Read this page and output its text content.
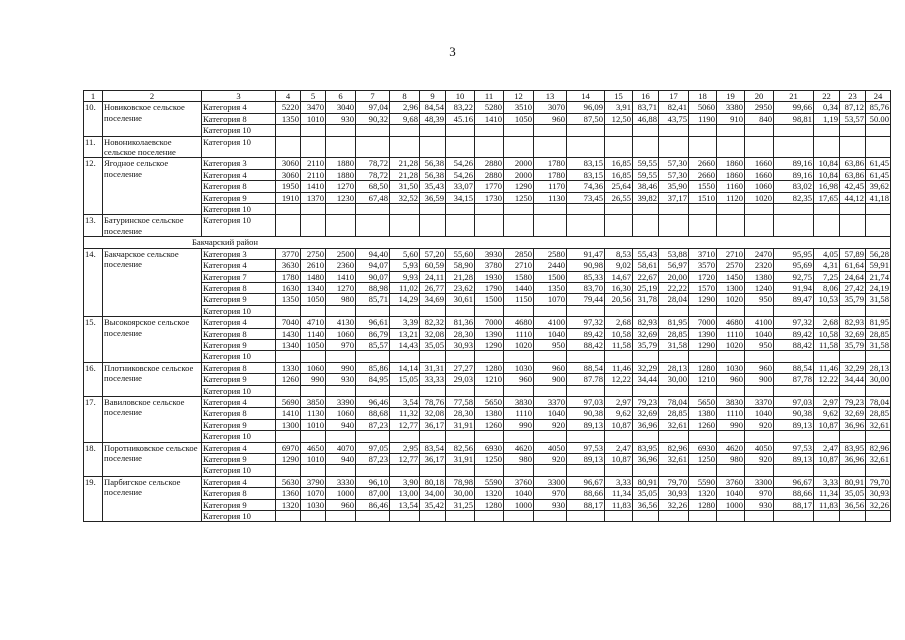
3
1	2	3	4	5	6	7	8	9	10	11	12	13	14	15	16	17	18	19	20	21	22	23	24
10.	Новиковское сельское поселение	Категория 4	5220	3470	3040	97,04	2,96	84,54	83,22	5280	3510	3070	96,09	3,91	83,71	82,41	5060	3380	2950	99,66	0,34	87,12	85,76
		Категория 8	1350	1010	930	90,32	9,68	48,39	45.16	1410	1050	960	87,50	12,50	46,88	43,75	1190	910	840	98,81	1,19	53,57	50.00
		Категория 10																					
11.	Новониколаевское сельское поселение	Категория 10																					

12.	Ягодное сельское поселение	Категория 3	3060	2110	1880	78,72	21,28	56,38	54,26	2880	2000	1780	83,15	16,85	59,55	57,30	2660	1860	1660	89,16	10,84	63,86	61,45
		Категория 4	3060	2110	1880	78,72	21,28	56,38	54,26	2880	2000	1780	83,15	16,85	59,55	57,30	2660	1860	1660	89,16	10,84	63,86	61,45
		Категория 8	1950	1410	1270	68,50	31,50	35,43	33,07	1770	1290	1170	74,36	25,64	38,46	35,90	1550	1160	1060	83,02	16,98	42,45	39,62
		Категория 9	1910	1370	1230	67,48	32,52	36,59	34,15	1730	1250	1130	73,45	26,55	39,82	37,17	1510	1120	1020	82,35	17,65	44,12	41,18
		Категория 10																					
13.	Батуринское сельское поселение	Категория 10																					

Бакчарский район																							
14.	Бакчарское сельское поселение	Категория 3	3770	2750	2500	94,40	5,60	57,20	55,60	3930	2850	2580	91,47	8,53	55,43	53,88	3710	2710	2470	95,95	4,05	57,89	56,28
		Категория 4	3630	2610	2360	94,07	5,93	60,59	58,90	3780	2710	2440	90,98	9,02	58,61	56,97	3570	2570	2320	95,69	4,31	61,64	59,91
		Категория 7	1780	1480	1410	90,07	9,93	24,11	21,28	1930	1580	1500	85,33	14,67	22,67	20,00	1720	1450	1380	92,75	7,25	24,64	21,74
		Категория 8	1630	1340	1270	88,98	11,02	26,77	23,62	1790	1440	1350	83,70	16,30	25,19	22,22	1570	1300	1240	91,94	8,06	27,42	24,19
		Категория 9	1350	1050	980	85,71	14,29	34,69	30,61	1500	1150	1070	79,44	20,56	31,78	28,04	1290	1020	950	89,47	10,53	35,79	31,58
		Категория 10																					
15.	Высокоярское сельское поселение	Категория 4	7040	4710	4130	96,61	3,39	82,32	81,36	7000	4680	4100	97,32	2,68	82,93	81,95	7000	4680	4100	97,32	2,68	82,93	81,95
		Категория 8	1430	1140	1060	86,79	13,21	32,08	28,30	1390	1110	1040	89,42	10,58	32,69	28,85	1390	1110	1040	89,42	10,58	32,69	28,85
		Категория 9	1340	1050	970	85,57	14,43	35,05	30,93	1290	1020	950	88,42	11,58	35,79	31,58	1290	1020	950	88,42	11,58	35,79	31,58
		Категория 10																					
16.	Плотниковское сельское поселение	Категория 8	1330	1060	990	85,86	14,14	31,31	27,27	1280	1030	960	88,54	11,46	32,29	28,13	1280	1030	960	88,54	11,46	32,29	28,13
		Категория 9	1260	990	930	84,95	15,05	33,33	29,03	1210	960	900	87.78	12,22	34,44	30,00	1210	960	900	87,78	12.22	34,44	30,00
		Категория 10																					
17.	Вавиловское сельское поселение	Категория 4	5690	3850	3390	96,46	3,54	78,76	77,58	5650	3830	3370	97,03	2,97	79,23	78,04	5650	3830	3370	97,03	2,97	79,23	78,04
		Категория 8	1410	1130	1060	88,68	11,32	32,08	28,30	1380	1110	1040	90,38	9,62	32,69	28,85	1380	1110	1040	90,38	9,62	32,69	28,85
		Категория 9	1300	1010	940	87,23	12,77	36,17	31,91	1260	990	920	89,13	10,87	36,96	32,61	1260	990	920	89,13	10,87	36,96	32,61
		Категория 10																					
18.	Поротниковское сельское поселение	Категория 4	6970	4650	4070	97,05	2,95	83,54	82,56	6930	4620	4050	97,53	2,47	83,95	82,96	6930	4620	4050	97,53	2,47	83,95	82,96
		Категория 9	1290	1010	940	87,23	12,77	36,17	31,91	1250	980	920	89,13	10,87	36,96	32,61	1250	980	920	89,13	10,87	36,96	32,61
		Категория 10																					
19.	Парбигское сельское поселение	Категория 4	5630	3790	3330	96,10	3,90	80,18	78,98	5590	3760	3300	96,67	3,33	80,91	79,70	5590	3760	3300	96,67	3,33	80,91	79,70
		Категория 8	1360	1070	1000	87,00	13,00	34,00	30,00	1320	1040	970	88,66	11,34	35,05	30,93	1320	1040	970	88,66	11,34	35,05	30,93
		Категория 9	1320	1030	960	86,46	13,54	35,42	31,25	1280	1000	930	88,17	11,83	36,56	32,26	1280	1000	930	88,17	11,83	36,56	32,26
		Категория 10																					
